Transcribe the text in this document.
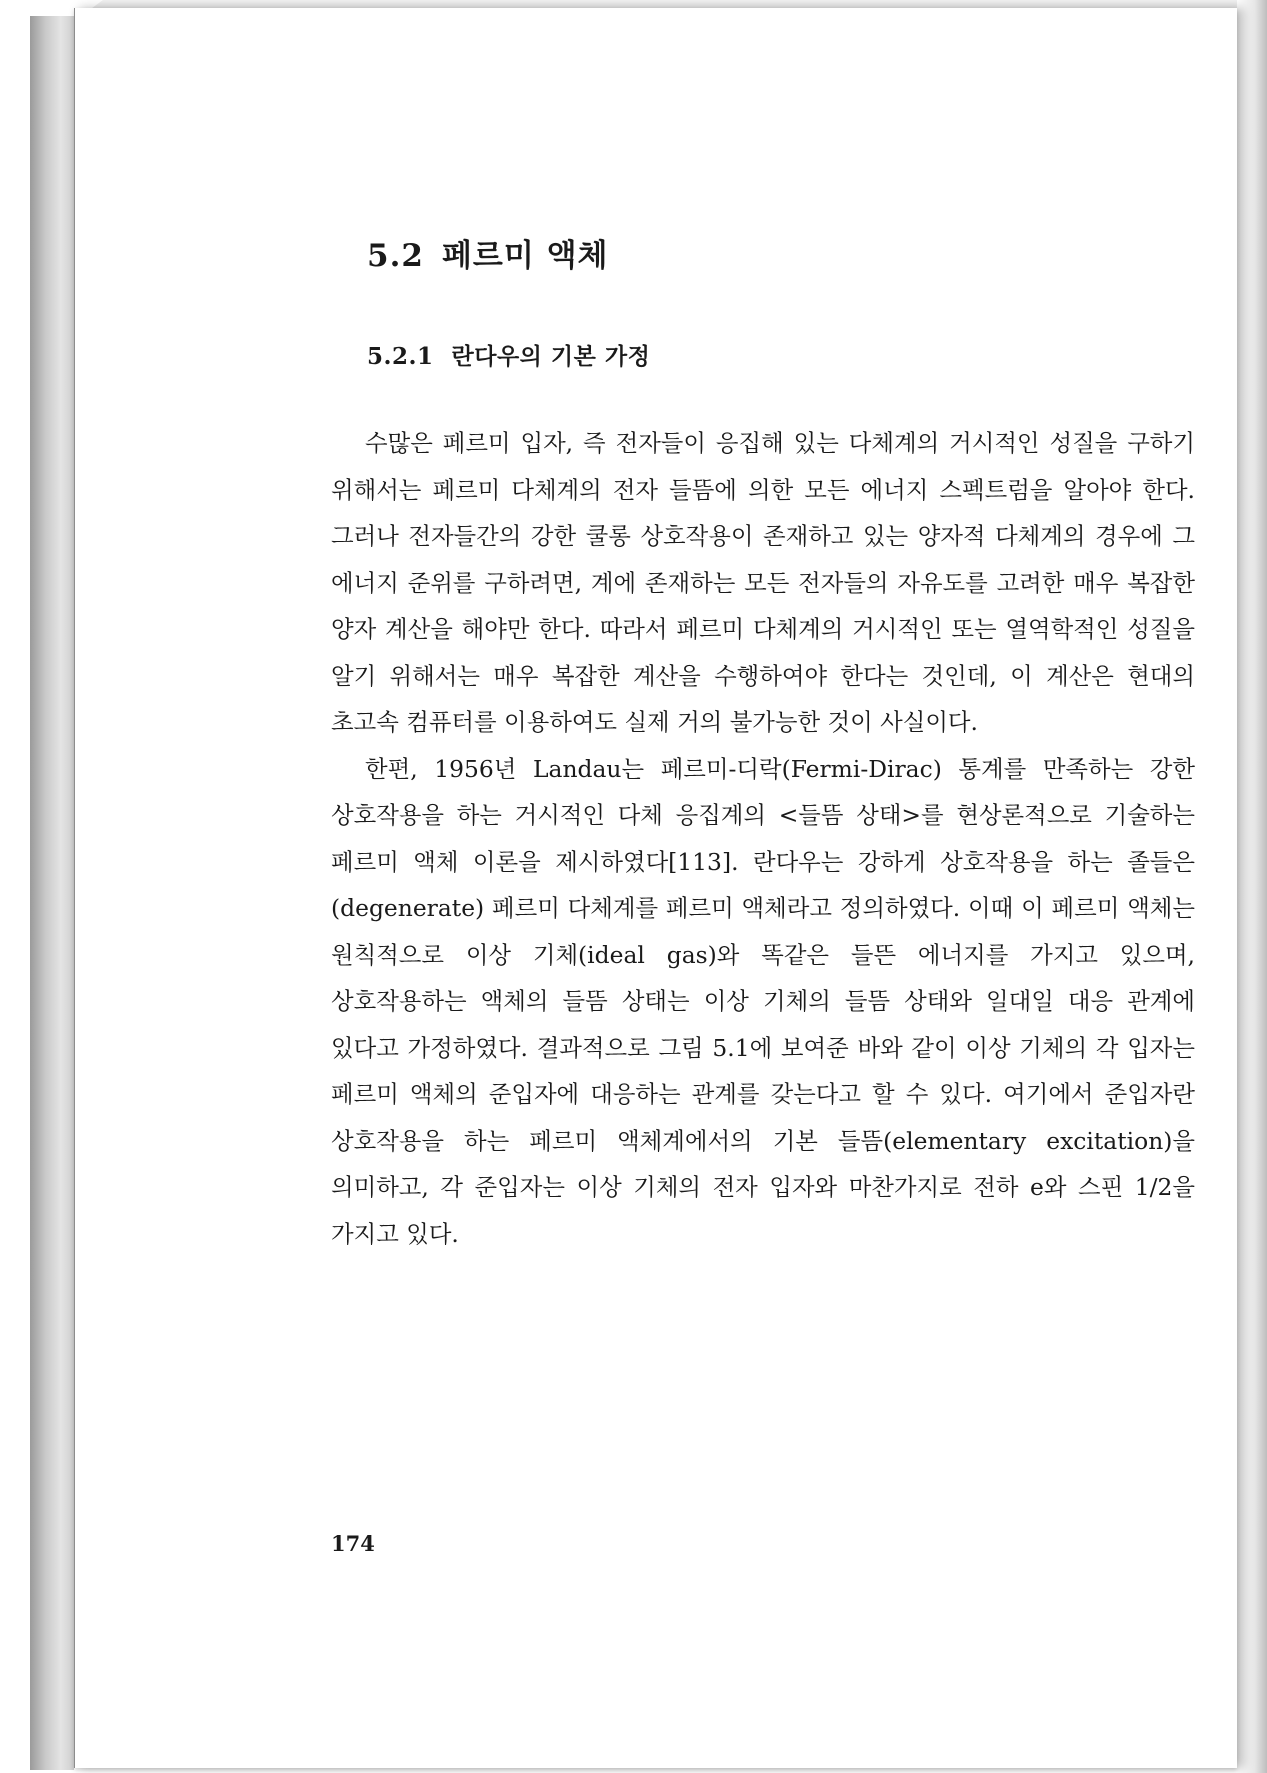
5.2 페르미 액체
5.2.1 란다우의 기본 가정

수많은 페르미 입자, 즉 전자들이 응집해 있는 다체계의 거시적인 성질을 구하기 위해서는 페르미 다체계의 전자 들뜸에 의한 모든 에너지 스펙트럼을 알아야 한다. 그러나 전자들간의 강한 쿨롱 상호작용이 존재하고 있는 양자적 다체계의 경우에 그 에너지 준위를 구하려면, 계에 존재하는 모든 전자들의 자유도를 고려한 매우 복잡한 양자 계산을 해야만 한다. 따라서 페르미 다체계의 거시적인 또는 열역학적인 성질을 알기 위해서는 매우 복잡한 계산을 수행하여야 한다는 것인데, 이 계산은 현대의 초고속 컴퓨터를 이용하여도 실제 거의 불가능한 것이 사실이다.

한편, 1956년 Landau는 페르미-디락(Fermi-Dirac) 통계를 만족하는 강한 상호작용을 하는 거시적인 다체 응집계의 <들뜸 상태>를 현상론적으로 기술하는 페르미 액체 이론을 제시하였다[113]. 란다우는 강하게 상호작용을 하는 졸들은(degenerate) 페르미 다체계를 페르미 액체라고 정의하였다. 이때 이 페르미 액체는 원칙적으로 이상 기체(ideal gas)와 똑같은 들뜬 에너지를 가지고 있으며, 상호작용하는 액체의 들뜸 상태는 이상 기체의 들뜸 상태와 일대일 대응 관계에 있다고 가정하였다. 결과적으로 그림 5.1에 보여준 바와 같이 이상 기체의 각 입자는 페르미 액체의 준입자에 대응하는 관계를 갖는다고 할 수 있다. 여기에서 준입자란 상호작용을 하는 페르미 액체계에서의 기본 들뜸(elementary excitation)을 의미하고, 각 준입자는 이상 기체의 전자 입자와 마찬가지로 전하 e와 스핀 1/2을 가지고 있다.

174
